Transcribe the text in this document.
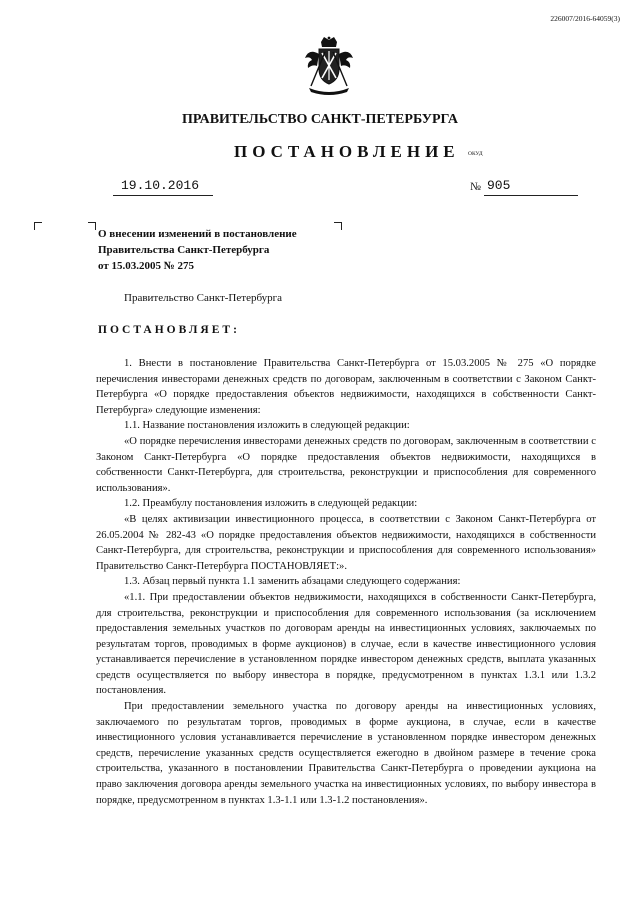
226007/2016-64059(3)
ПРАВИТЕЛЬСТВО САНКТ-ПЕТЕРБУРГА
ПОСТАНОВЛЕНИЕ ОКУД
19.10.2016	№ 905
О внесении изменений в постановление
Правительства Санкт-Петербурга
от 15.03.2005 № 275
Правительство Санкт-Петербурга
ПОСТАНОВЛЯЕТ:

1. Внести в постановление Правительства Санкт-Петербурга от 15.03.2005 № 275 «О порядке перечисления инвесторами денежных средств по договорам, заключенным в соответствии с Законом Санкт-Петербурга «О порядке предоставления объектов недвижимости, находящихся в собственности Санкт-Петербурга» следующие изменения:

1.1. Название постановления изложить в следующей редакции:

«О порядке перечисления инвесторами денежных средств по договорам, заключенным в соответствии с Законом Санкт-Петербурга «О порядке предоставления объектов недвижимости, находящихся в собственности Санкт-Петербурга, для строительства, реконструкции и приспособления для современного использования».

1.2. Преамбулу постановления изложить в следующей редакции:

«В целях активизации инвестиционного процесса, в соответствии с Законом Санкт-Петербурга от 26.05.2004 № 282-43 «О порядке предоставления объектов недвижимости, находящихся в собственности Санкт-Петербурга, для строительства, реконструкции и приспособления для современного использования» Правительство Санкт-Петербурга ПОСТАНОВЛЯЕТ:».

1.3. Абзац первый пункта 1.1 заменить абзацами следующего содержания:

«1.1. При предоставлении объектов недвижимости, находящихся в собственности Санкт-Петербурга, для строительства, реконструкции и приспособления для современного использования (за исключением предоставления земельных участков по договорам аренды на инвестиционных условиях, заключаемых по результатам торгов, проводимых в форме аукционов) в случае, если в качестве инвестиционного условия устанавливается перечисление в установленном порядке инвестором денежных средств, выплата указанных средств осуществляется по выбору инвестора в порядке, предусмотренном в пунктах 1.3.1 или 1.3.2 постановления.

При предоставлении земельного участка по договору аренды на инвестиционных условиях, заключаемого по результатам торгов, проводимых в форме аукциона, в случае, если в качестве инвестиционного условия устанавливается перечисление в установленном порядке инвестором денежных средств, перечисление указанных средств осуществляется ежегодно в двойном размере в течение срока строительства, указанного в постановлении Правительства Санкт-Петербурга о проведении аукциона на право заключения договора аренды земельного участка на инвестиционных условиях, по выбору инвестора в порядке, предусмотренном в пунктах 1.3-1.1 или 1.3-1.2 постановления».
